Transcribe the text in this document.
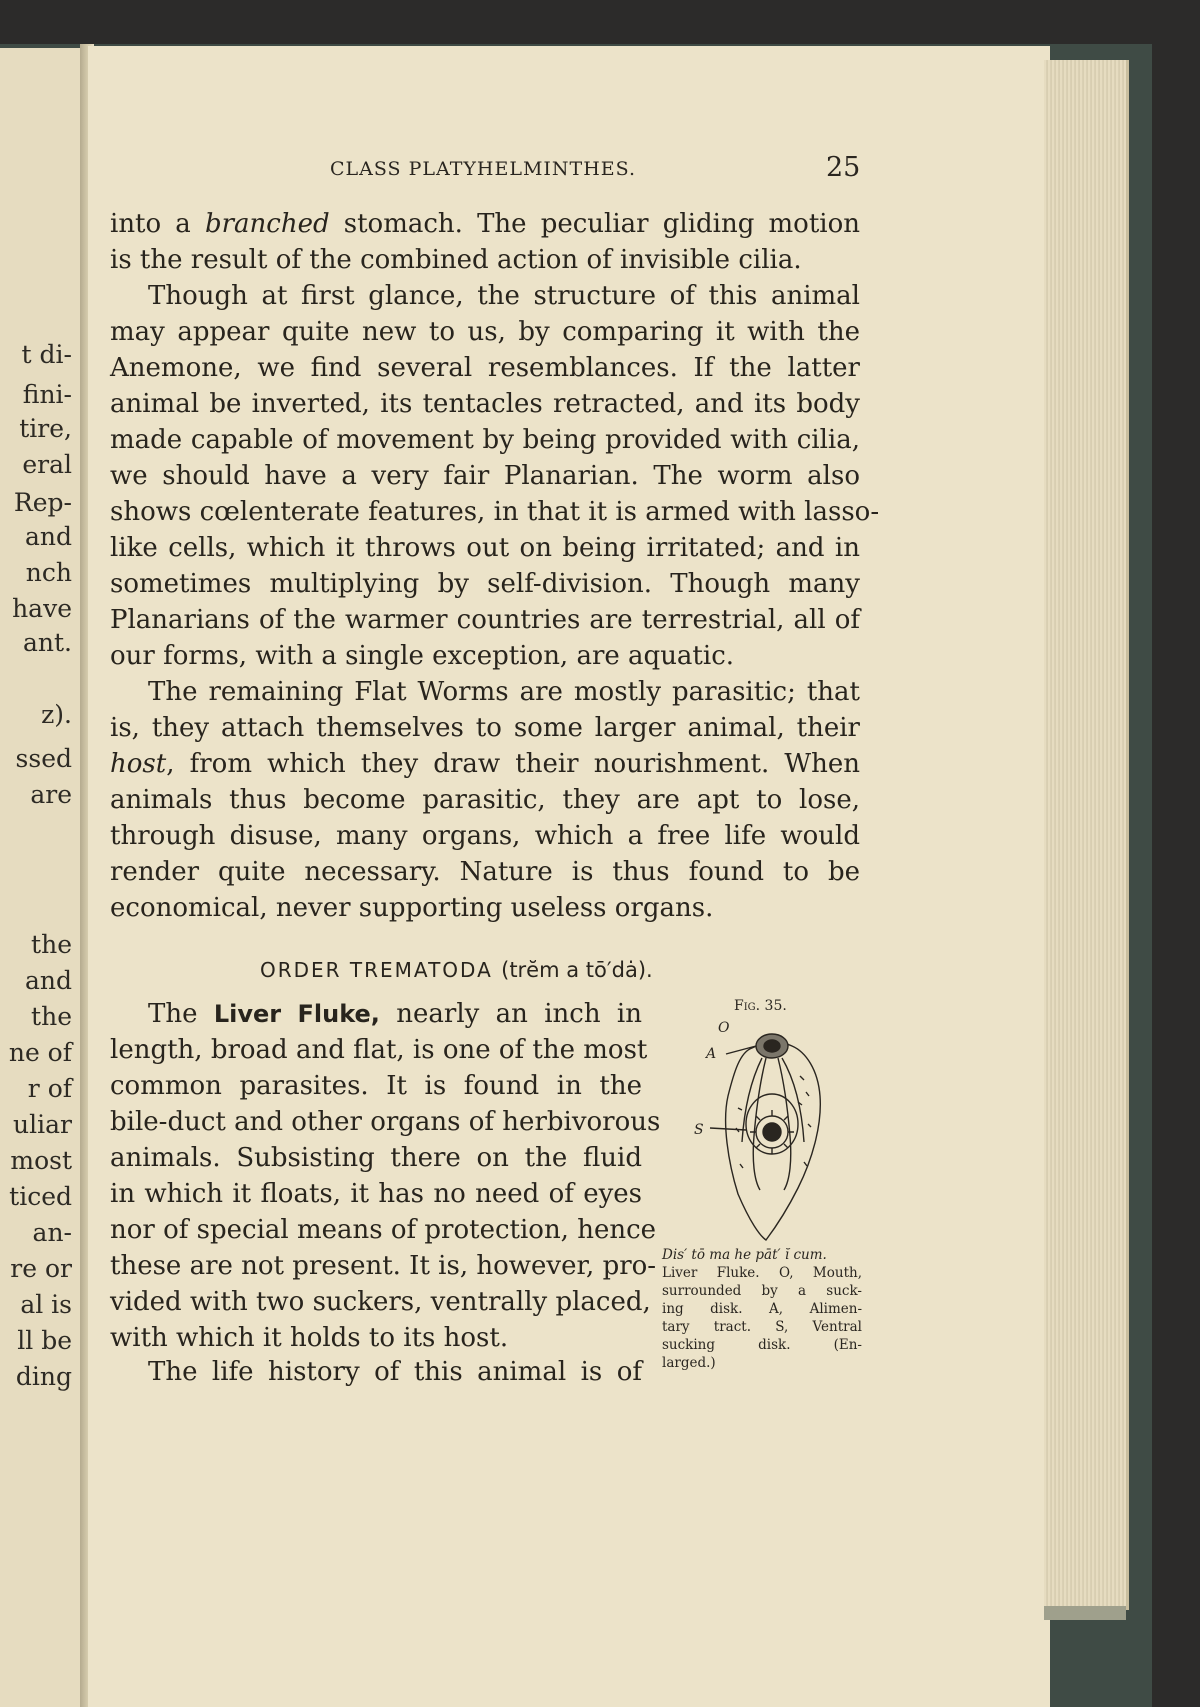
t di-
fini-
tire,
eral
Rep-
and
nch
have
ant.
z).
ssed
are
the
and
the
ne of
r of
uliar
most
ticed
an-
re or
al is
ll be
ding
CLASS PLATYHELMINTHES.	25
into a branched stomach. The peculiar gliding motion
is the result of the combined action of invisible cilia.
Though at first glance, the structure of this animal
may appear quite new to us, by comparing it with the
Anemone, we find several resemblances. If the latter
animal be inverted, its tentacles retracted, and its body
made capable of movement by being provided with cilia,
we should have a very fair Planarian. The worm also
shows cœlenterate features, in that it is armed with lasso-
like cells, which it throws out on being irritated; and in
sometimes multiplying by self-division. Though many
Planarians of the warmer countries are terrestrial, all of
our forms, with a single exception, are aquatic.
The remaining Flat Worms are mostly parasitic; that
is, they attach themselves to some larger animal, their
host, from which they draw their nourishment. When
animals thus become parasitic, they are apt to lose,
through disuse, many organs, which a free life would
render quite necessary. Nature is thus found to be
economical, never supporting useless organs.
ORDER TREMATODA (trĕm a tō′dȧ).
The Liver Fluke, nearly an inch in
length, broad and flat, is one of the most
common parasites. It is found in the
bile-duct and other organs of herbivorous
animals. Subsisting there on the fluid
in which it floats, it has no need of eyes
nor of special means of protection, hence
these are not present. It is, however, pro-
vided with two suckers, ventrally placed,
with which it holds to its host.
The life history of this animal is of
Fig. 35.
O
A
S
Dis′ tō ma he pāt′ ĭ cum.
Liver Fluke. O, Mouth,
surrounded by a suck-
ing disk. A, Alimen-
tary tract. S, Ventral
sucking disk. (En-
larged.)
